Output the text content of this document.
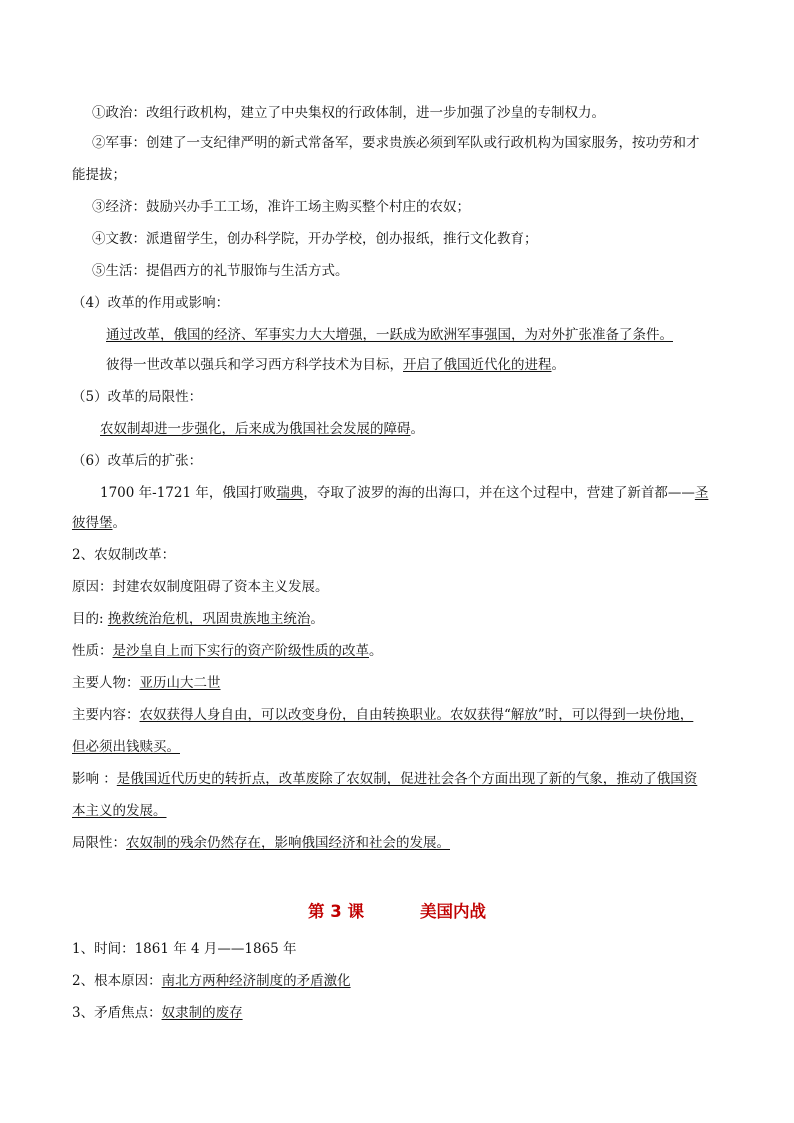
①政治：改组行政机构，建立了中央集权的行政体制，进一步加强了沙皇的专制权力。
②军事：创建了一支纪律严明的新式常备军，要求贵族必须到军队或行政机构为国家服务，按功劳和才
能提拔；
③经济：鼓励兴办手工工场，准许工场主购买整个村庄的农奴；
④文教：派遣留学生，创办科学院，开办学校，创办报纸，推行文化教育；
⑤生活：提倡西方的礼节服饰与生活方式。
（4）改革的作用或影响：
通过改革，俄国的经济、军事实力大大增强，一跃成为欧洲军事强国，为对外扩张准备了条件。
彼得一世改革以强兵和学习西方科学技术为目标，开启了俄国近代化的进程。
（5）改革的局限性：
农奴制却进一步强化，后来成为俄国社会发展的障碍。
（6）改革后的扩张：
1700 年-1721 年，俄国打败瑞典，夺取了波罗的海的出海口，并在这个过程中，营建了新首都——圣
彼得堡。
2、农奴制改革：
原因：封建农奴制度阻碍了资本主义发展。
目的: 挽救统治危机，巩固贵族地主统治。
性质：是沙皇自上而下实行的资产阶级性质的改革。
主要人物：亚历山大二世
主要内容：农奴获得人身自由，可以改变身份，自由转换职业。农奴获得“解放”时，可以得到一块份地，
但必须出钱赎买。
影响 ：是俄国近代历史的转折点，改革废除了农奴制，促进社会各个方面出现了新的气象，推动了俄国资
本主义的发展。
局限性：农奴制的残余仍然存在，影响俄国经济和社会的发展。
第 3 课	美国内战
1、时间：1861 年 4 月——1865 年
2、根本原因：南北方两种经济制度的矛盾激化
3、矛盾焦点：奴隶制的废存
